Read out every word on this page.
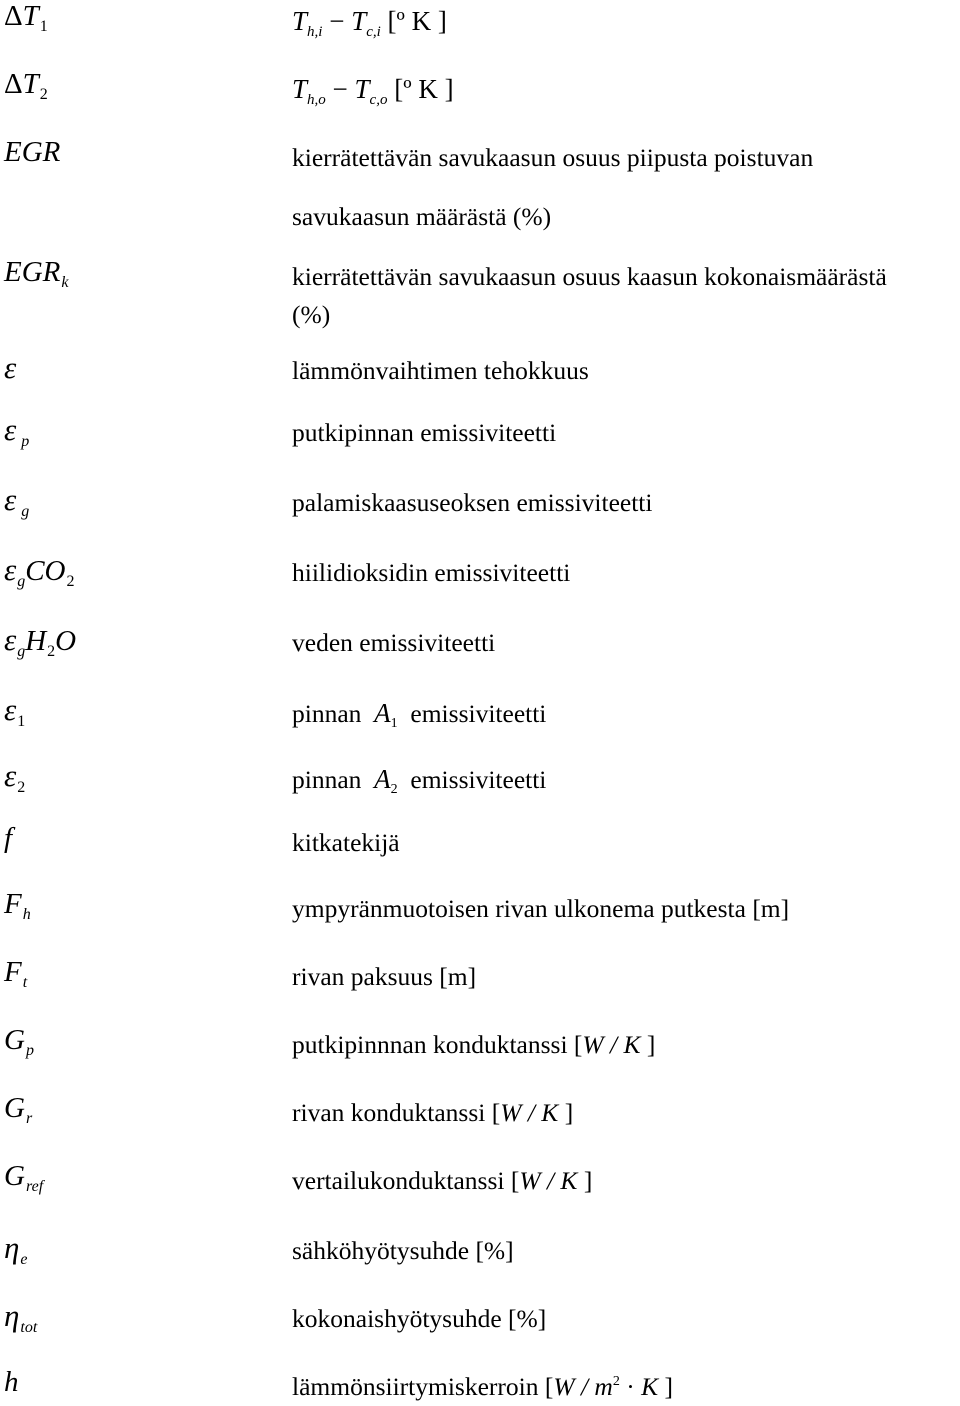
$\Delta T_1$	$T_{h,i} - T_{c,i}$ [º K ]
$\Delta T_2$	$T_{h,o} - T_{c,o}$ [º K ]
EGR	kierrätettävän savukaasun osuus piipusta poistuvan
savukaasun määrästä (%)
$EGR_k$	kierrätettävän savukaasun osuus kaasun kokonaismäärästä
(%)
ε	lämmönvaihtimen tehokkuus
ε $_p$	putkipinnan emissiviteetti
ε $_g$	palamiskaasuseoksen emissiviteetti
$\varepsilon_gCO_2$	hiilidioksidin emissiviteetti
$\varepsilon_gH_2O$	veden emissiviteetti
$\varepsilon_1$	pinnan $A_1$ emissiviteetti
$\varepsilon_2$	pinnan $A_2$ emissiviteetti
f	kitkatekijä
$F_h$	ympyränmuotoisen rivan ulkonema putkesta [m]
$F_t$	rivan paksuus [m]
$G_p$	putkipinnnan konduktanssi [W / K ]
$G_r$	rivan konduktanssi [W / K ]
$G_{ref}$	vertailukonduktanssi [W / K ]
$\eta_e$	sähköhyötysuhde [%]
$\eta_{tot}$	kokonaishyötysuhde [%]
h	lämmönsiirtymiskerroin [$W / m^2 \cdot K$ ]
